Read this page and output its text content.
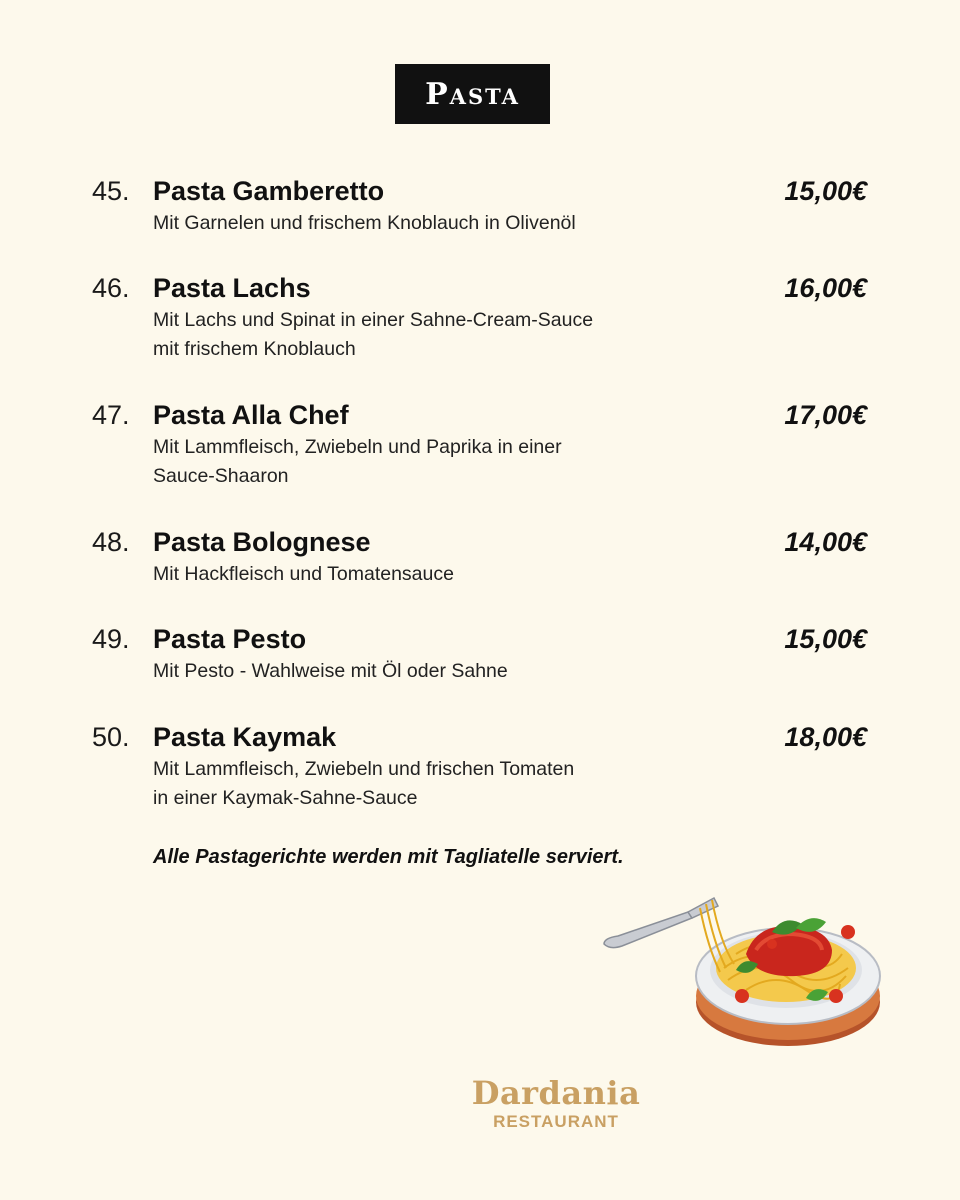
Pasta
45. Pasta Gamberetto	15,00€
Mit Garnelen und frischem Knoblauch in Olivenöl
46. Pasta Lachs	16,00€
Mit Lachs und Spinat in einer Sahne-Cream-Sauce
mit frischem Knoblauch
47. Pasta Alla Chef	17,00€
Mit Lammfleisch, Zwiebeln und Paprika in einer
Sauce-Shaaron
48. Pasta Bolognese	14,00€
Mit Hackfleisch und Tomatensauce
49. Pasta Pesto	15,00€
Mit Pesto - Wahlweise mit Öl oder Sahne
50. Pasta Kaymak	18,00€
Mit Lammfleisch, Zwiebeln und frischen Tomaten
in einer Kaymak-Sahne-Sauce
Alle Pastagerichte werden mit Tagliatelle serviert.
Dardania
RESTAURANT
